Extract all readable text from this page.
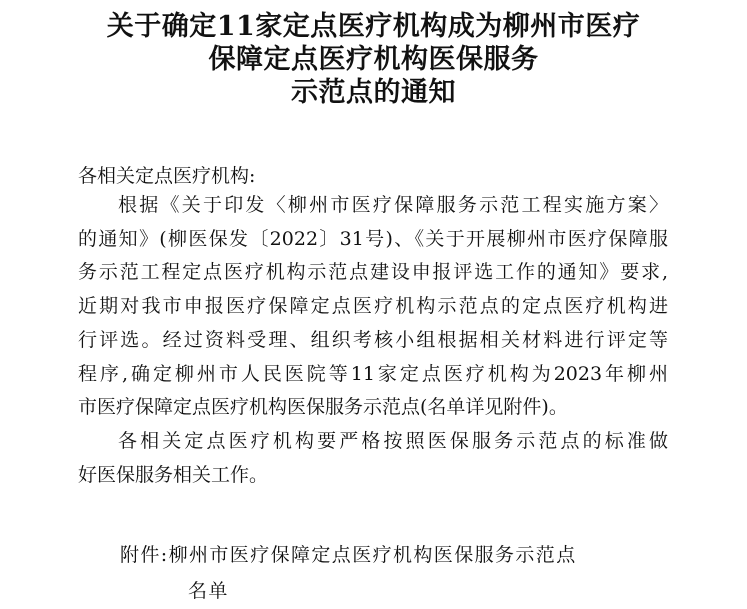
关于确定11家定点医疗机构成为柳州市医疗
保障定点医疗机构医保服务
示范点的通知
各相关定点医疗机构:
根据《关于印发〈柳州市医疗保障服务示范工程实施方案〉
的通知》(柳医保发〔2022〕31号)、《关于开展柳州市医疗保障服
务示范工程定点医疗机构示范点建设申报评选工作的通知》要求,
近期对我市申报医疗保障定点医疗机构示范点的定点医疗机构进
行评选。经过资料受理、组织考核小组根据相关材料进行评定等
程序,确定柳州市人民医院等11家定点医疗机构为2023年柳州
市医疗保障定点医疗机构医保服务示范点(名单详见附件)。
各相关定点医疗机构要严格按照医保服务示范点的标准做
好医保服务相关工作。
附件:柳州市医疗保障定点医疗机构医保服务示范点
名单
